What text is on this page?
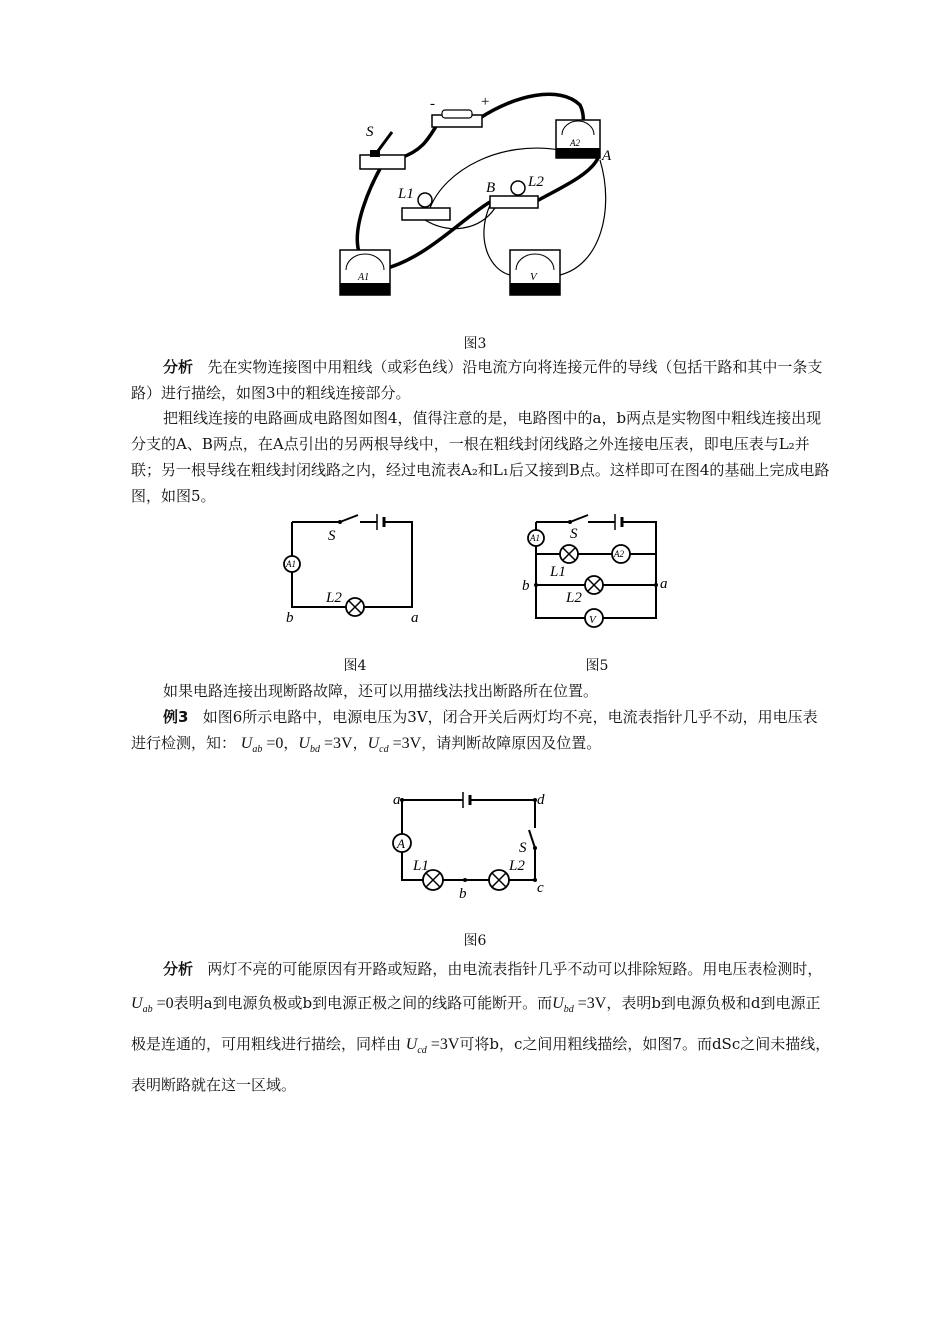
S
-	+
A2
A
L1	B L2
A1	V
图3
分析 先在实物连接图中用粗线（或彩色线）沿电流方向将连接元件的导线（包括干路和其中一条支路）进行描绘，如图3中的粗线连接部分。
把粗线连接的电路画成电路图如图4，值得注意的是，电路图中的a，b两点是实物图中粗线连接出现分支的A、B两点，在A点引出的另两根导线中，一根在粗线封闭线路之外连接电压表，即电压表与L₂并联；另一根导线在粗线封闭线路之内，经过电流表A₂和L₁后又接到B点。这样即可在图4的基础上完成电路图，如图5。
S
A1
L2
b	a
S
A1
A2
L1
L2
b	a
V
图4	图5
如果电路连接出现断路故障，还可以用描线法找出断路所在位置。
例3 如图6所示电路中，电源电压为3V，闭合开关后两灯均不亮，电流表指针几乎不动，用电压表进行检测，知： $U_{ab} =0$，$U_{bd} =3V$，$U_{cd} =3V$，请判断故障原因及位置。
a	d
S
A
L1
b
L2
c
图6
分析 两灯不亮的可能原因有开路或短路，由电流表指针几乎不动可以排除短路。用电压表检测时， $U_{ab} =0$表明a到电源负极或b到电源正极之间的线路可能断开。而$U_{bd} =3V$，表明b到电源负极和d到电源正极是连通的，可用粗线进行描绘，同样由 $U_{cd} =3V$可将b，c之间用粗线描绘，如图7。而dSc之间未描线，表明断路就在这一区域。
